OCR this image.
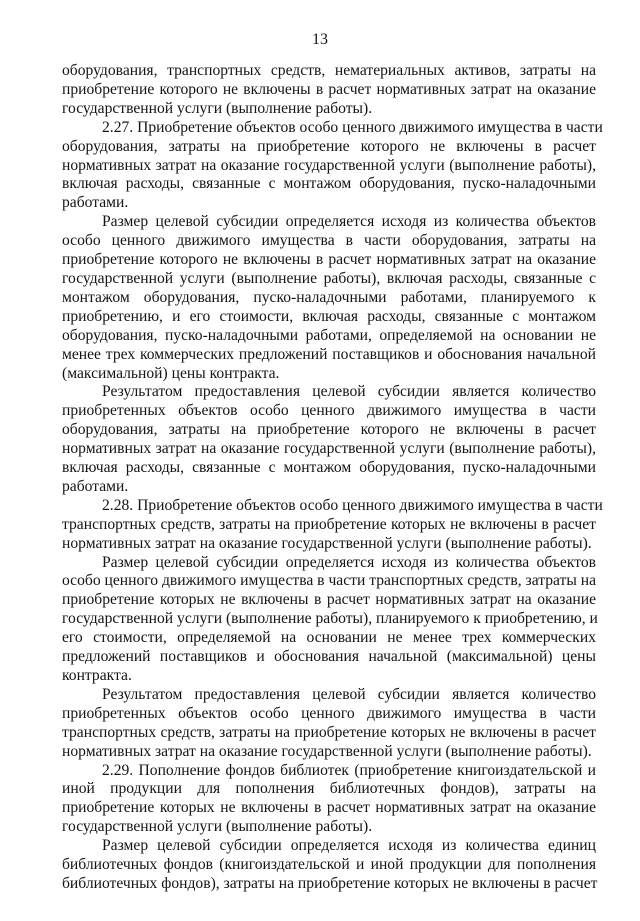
13
оборудования, транспортных средств, нематериальных активов, затраты на
приобретение которого не включены в расчет нормативных затрат на оказание
государственной услуги (выполнение работы).
2.27. Приобретение объектов особо ценного движимого имущества в части
оборудования, затраты на приобретение которого не включены в расчет
нормативных затрат на оказание государственной услуги (выполнение работы),
включая расходы, связанные с монтажом оборудования, пуско-наладочными
работами.
Размер целевой субсидии определяется исходя из количества объектов
особо ценного движимого имущества в части оборудования, затраты на
приобретение которого не включены в расчет нормативных затрат на оказание
государственной услуги (выполнение работы), включая расходы, связанные с
монтажом оборудования, пуско-наладочными работами, планируемого к
приобретению, и его стоимости, включая расходы, связанные с монтажом
оборудования, пуско-наладочными работами, определяемой на основании не
менее трех коммерческих предложений поставщиков и обоснования начальной
(максимальной) цены контракта.
Результатом предоставления целевой субсидии является количество
приобретенных объектов особо ценного движимого имущества в части
оборудования, затраты на приобретение которого не включены в расчет
нормативных затрат на оказание государственной услуги (выполнение работы),
включая расходы, связанные с монтажом оборудования, пуско-наладочными
работами.
2.28. Приобретение объектов особо ценного движимого имущества в части
транспортных средств, затраты на приобретение которых не включены в расчет
нормативных затрат на оказание государственной услуги (выполнение работы).
Размер целевой субсидии определяется исходя из количества объектов
особо ценного движимого имущества в части транспортных средств, затраты на
приобретение которых не включены в расчет нормативных затрат на оказание
государственной услуги (выполнение работы), планируемого к приобретению, и
его стоимости, определяемой на основании не менее трех коммерческих
предложений поставщиков и обоснования начальной (максимальной) цены
контракта.
Результатом предоставления целевой субсидии является количество
приобретенных объектов особо ценного движимого имущества в части
транспортных средств, затраты на приобретение которых не включены в расчет
нормативных затрат на оказание государственной услуги (выполнение работы).
2.29. Пополнение фондов библиотек (приобретение книгоиздательской и
иной продукции для пополнения библиотечных фондов), затраты на
приобретение которых не включены в расчет нормативных затрат на оказание
государственной услуги (выполнение работы).
Размер целевой субсидии определяется исходя из количества единиц
библиотечных фондов (книгоиздательской и иной продукции для пополнения
библиотечных фондов), затраты на приобретение которых не включены в расчет
